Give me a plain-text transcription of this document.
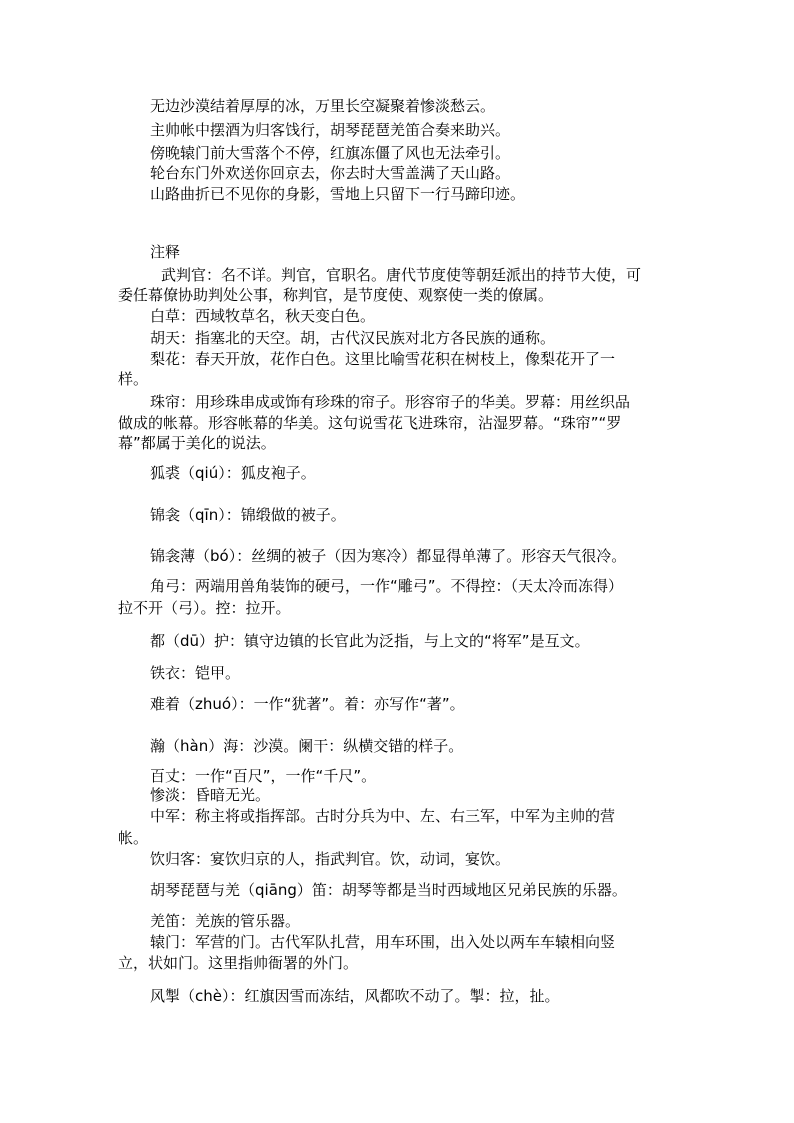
无边沙漠结着厚厚的冰，万里长空凝聚着惨淡愁云。
主帅帐中摆酒为归客饯行，胡琴琵琶羌笛合奏来助兴。
傍晚辕门前大雪落个不停，红旗冻僵了风也无法牵引。
轮台东门外欢送你回京去，你去时大雪盖满了天山路。
山路曲折已不见你的身影，雪地上只留下一行马蹄印迹。
注释
武判官：名不详。判官，官职名。唐代节度使等朝廷派出的持节大使，可
委任幕僚协助判处公事，称判官，是节度使、观察使一类的僚属。
白草：西域牧草名，秋天变白色。
胡天：指塞北的天空。胡，古代汉民族对北方各民族的通称。
梨花：春天开放，花作白色。这里比喻雪花积在树枝上，像梨花开了一
样。
珠帘：用珍珠串成或饰有珍珠的帘子。形容帘子的华美。罗幕：用丝织品
做成的帐幕。形容帐幕的华美。这句说雪花飞进珠帘，沾湿罗幕。“珠帘”“罗
幕”都属于美化的说法。
狐裘（qiú）：狐皮袍子。
锦衾（qīn）：锦缎做的被子。
锦衾薄（bó）：丝绸的被子（因为寒冷）都显得单薄了。形容天气很冷。
角弓：两端用兽角装饰的硬弓，一作“雕弓”。不得控：（天太冷而冻得）
拉不开（弓）。控：拉开。
都（dū）护：镇守边镇的长官此为泛指，与上文的“将军”是互文。
铁衣：铠甲。
难着（zhuó）：一作“犹著”。着：亦写作“著”。
瀚（hàn）海：沙漠。阑干：纵横交错的样子。
百丈：一作“百尺”，一作“千尺”。
惨淡：昏暗无光。
中军：称主将或指挥部。古时分兵为中、左、右三军，中军为主帅的营
帐。
饮归客：宴饮归京的人，指武判官。饮，动词，宴饮。
胡琴琵琶与羌（qiāng）笛：胡琴等都是当时西域地区兄弟民族的乐器。
羌笛：羌族的管乐器。
辕门：军营的门。古代军队扎营，用车环围，出入处以两车车辕相向竖
立，状如门。这里指帅衙署的外门。
风掣（chè）：红旗因雪而冻结，风都吹不动了。掣：拉，扯。
